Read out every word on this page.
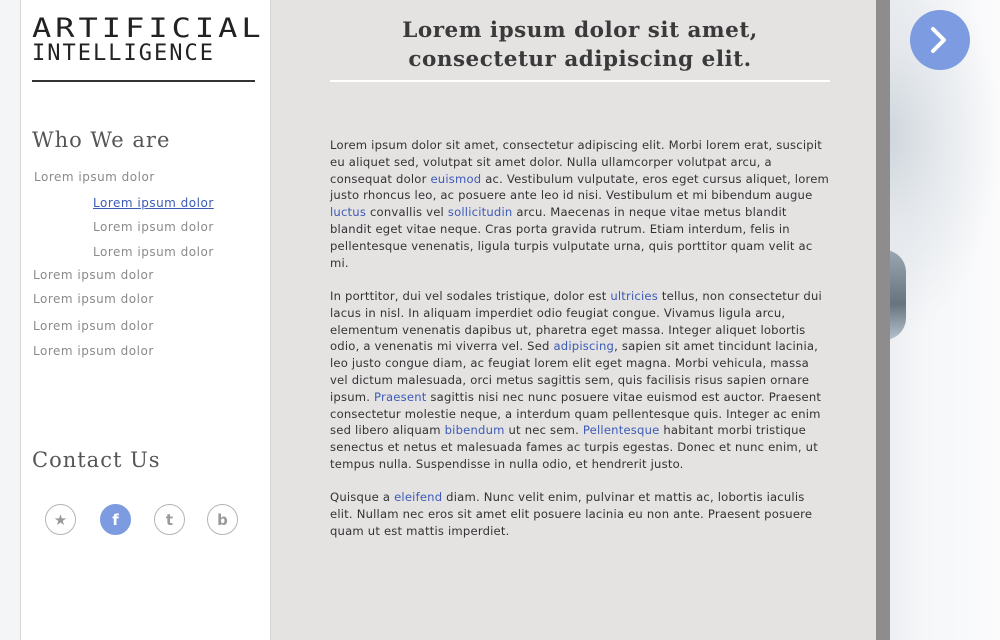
ARTIFICIAL
INTELLIGENCE
Who We are
Lorem ipsum dolor
Lorem ipsum dolor
Lorem ipsum dolor
Lorem ipsum dolor
Lorem ipsum dolor
Lorem ipsum dolor
Lorem ipsum dolor
Lorem ipsum dolor
Contact Us
★	f	t	b
Lorem ipsum dolor sit amet, consectetur adipiscing elit.

Lorem ipsum dolor sit amet, consectetur adipiscing elit. Morbi lorem erat, suscipit eu aliquet sed, volutpat sit amet dolor. Nulla ullamcorper volutpat arcu, a consequat dolor euismod ac. Vestibulum vulputate, eros eget cursus aliquet, lorem justo rhoncus leo, ac posuere ante leo id nisi. Vestibulum et mi bibendum augue luctus convallis vel sollicitudin arcu. Maecenas in neque vitae metus blandit blandit eget vitae neque. Cras porta gravida rutrum. Etiam interdum, felis in pellentesque venenatis, ligula turpis vulputate urna, quis porttitor quam velit ac mi.

In porttitor, dui vel sodales tristique, dolor est ultricies tellus, non consectetur dui lacus in nisl. In aliquam imperdiet odio feugiat congue. Vivamus ligula arcu, elementum venenatis dapibus ut, pharetra eget massa. Integer aliquet lobortis odio, a venenatis mi viverra vel. Sed adipiscing, sapien sit amet tincidunt lacinia, leo justo congue diam, ac feugiat lorem elit eget magna. Morbi vehicula, massa vel dictum malesuada, orci metus sagittis sem, quis facilisis risus sapien ornare ipsum. Praesent sagittis nisi nec nunc posuere vitae euismod est auctor. Praesent consectetur molestie neque, a interdum quam pellentesque quis. Integer ac enim sed libero aliquam bibendum ut nec sem. Pellentesque habitant morbi tristique senectus et netus et malesuada fames ac turpis egestas. Donec et nunc enim, ut tempus nulla. Suspendisse in nulla odio, et hendrerit justo.

Quisque a eleifend diam. Nunc velit enim, pulvinar et mattis ac, lobortis iaculis elit. Nullam nec eros sit amet elit posuere lacinia eu non ante. Praesent posuere quam ut est mattis imperdiet.
